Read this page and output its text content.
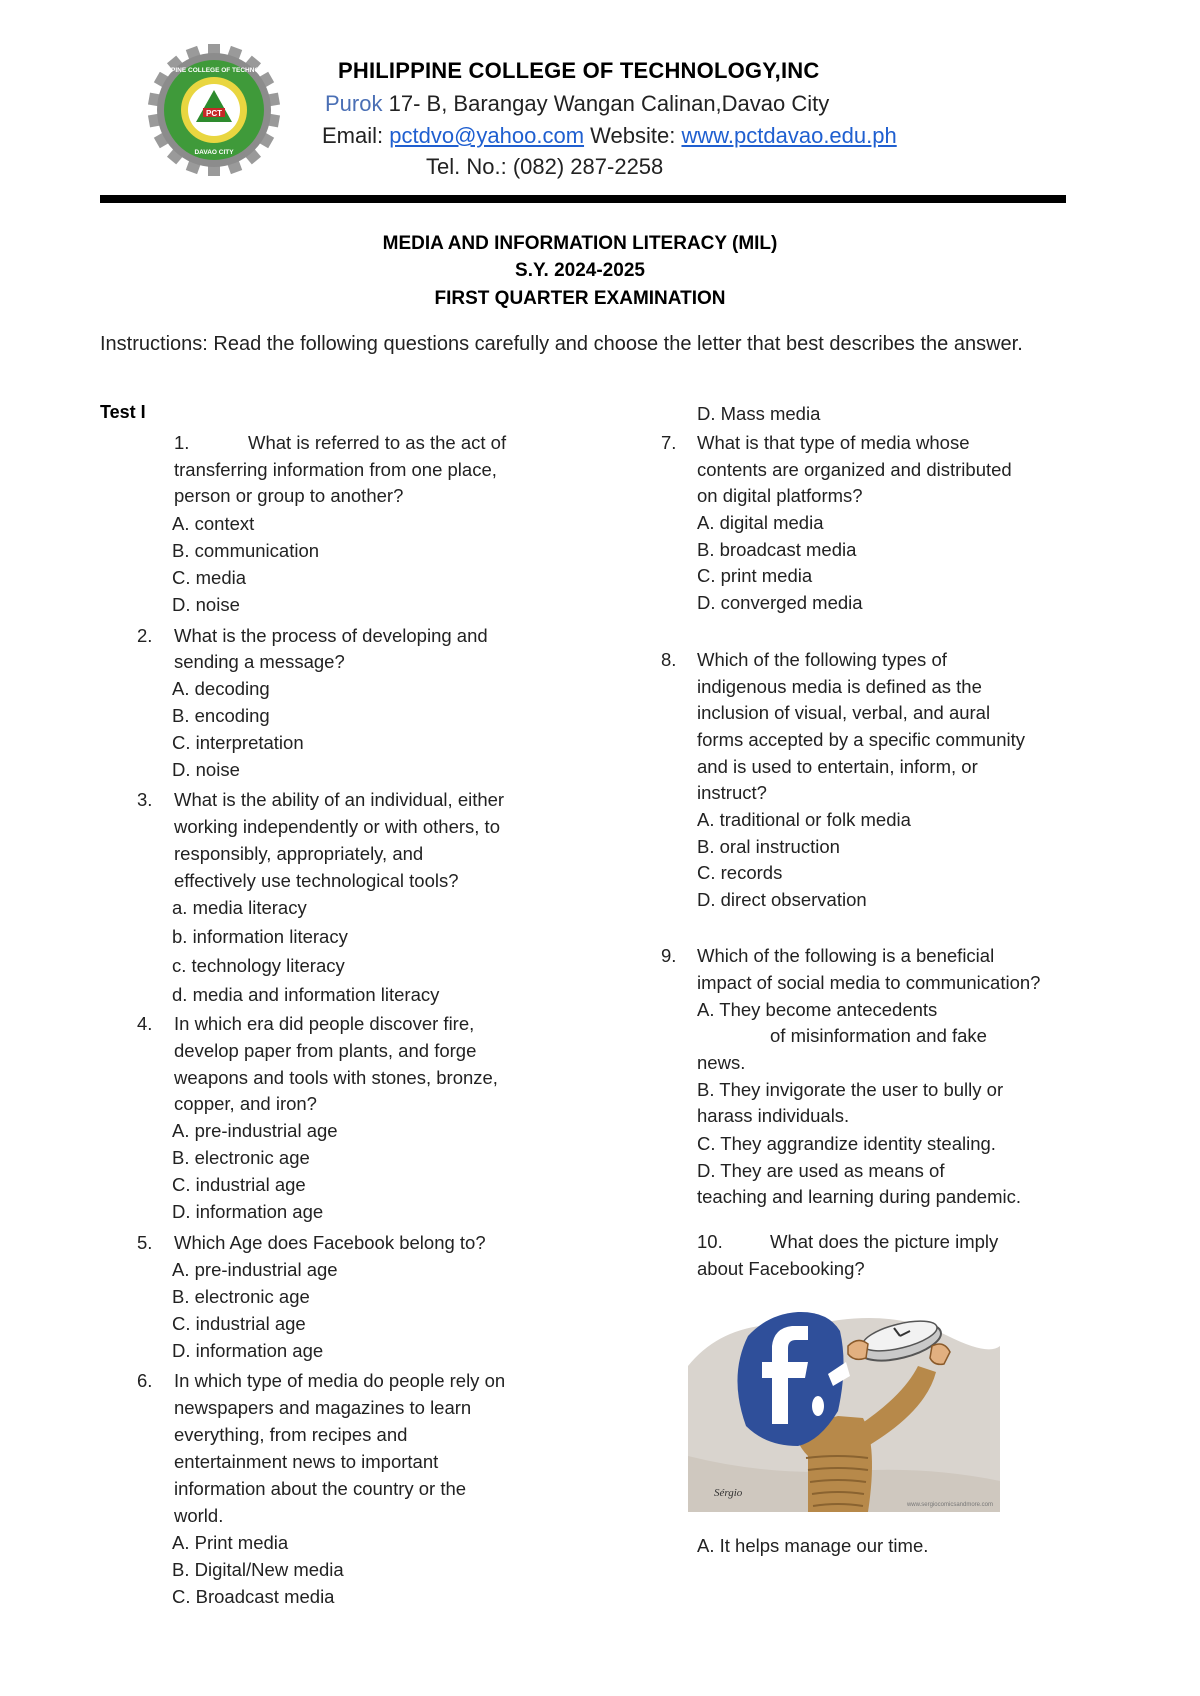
PCT
PHILIPPINE COLLEGE OF TECHNOLOGY
DAVAO CITY
PHILIPPINE COLLEGE OF TECHNOLOGY,INC
Purok 17- B, Barangay Wangan Calinan,Davao City
Email: pctdvo@yahoo.com Website: www.pctdavao.edu.ph
Tel. No.: (082) 287-2258
MEDIA AND INFORMATION LITERACY (MIL)
S.Y. 2024-2025
FIRST QUARTER EXAMINATION
Instructions: Read the following questions carefully and choose the letter that best describes the answer.
Test I
1.	What is referred to as the act of
transferring information from one place,
person or group to another?
A. context
B. communication
C. media
D. noise
2. What is the process of developing and
sending a message?
A. decoding
B. encoding
C. interpretation
D. noise
3. What is the ability of an individual, either
working independently or with others, to
responsibly, appropriately, and
effectively use technological tools?
a. media literacy
b. information literacy
c. technology literacy
d. media and information literacy
4. In which era did people discover fire,
develop paper from plants, and forge
weapons and tools with stones, bronze,
copper, and iron?
A. pre-industrial age
B. electronic age
C. industrial age
D. information age
5. Which Age does Facebook belong to?
A. pre-industrial age
B. electronic age
C. industrial age
D. information age
6. In which type of media do people rely on
newspapers and magazines to learn
everything, from recipes and
entertainment news to important
information about the country or the
world.
A. Print media
B. Digital/New media
C. Broadcast media
D. Mass media
7. What is that type of media whose
contents are organized and distributed
on digital platforms?
A. digital media
B. broadcast media
C. print media
D. converged media
8. Which of the following types of
indigenous media is defined as the
inclusion of visual, verbal, and aural
forms accepted by a specific community
and is used to entertain, inform, or
instruct?
A. traditional or folk media
B. oral instruction
C. records
D. direct observation
9. Which of the following is a beneficial
impact of social media to communication?
A. They become antecedents
of misinformation and fake
news.
B. They invigorate the user to bully or
harass individuals.
C. They aggrandize identity stealing.
D. They are used as means of
teaching and learning during pandemic.
10.	What does the picture imply
about Facebooking?
Sérgio
www.sergiocomicsandmore.com
A. It helps manage our time.
